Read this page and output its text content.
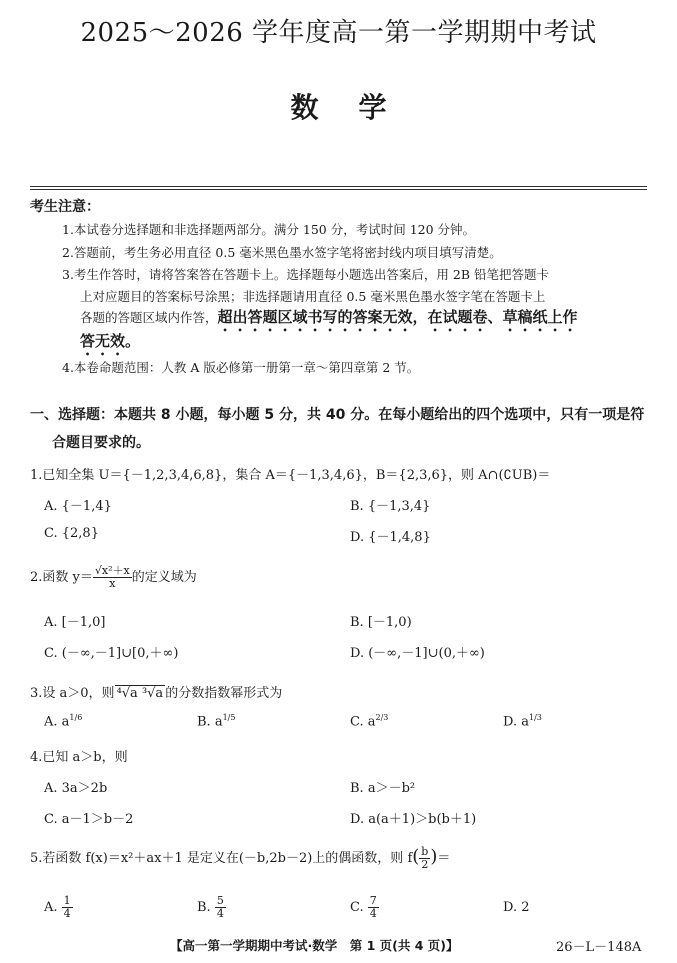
2025～2026 学年度高一第一学期期中考试
数学
考生注意：
1.本试卷分选择题和非选择题两部分。满分 150 分，考试时间 120 分钟。
2.答题前，考生务必用直径 0.5 毫米黑色墨水签字笔将密封线内项目填写清楚。
3.考生作答时，请将答案答在答题卡上。选择题每小题选出答案后，用 2B 铅笔把答题卡
上对应题目的答案标号涂黑；非选择题请用直径 0.5 毫米黑色墨水签字笔在答题卡上
各题的答题区域内作答，超出答题区域书写的答案无效，在试题卷、草稿纸上作
答无效。
4.本卷命题范围：人教 A 版必修第一册第一章～第四章第 2 节。
一、选择题：本题共 8 小题，每小题 5 分，共 40 分。在每小题给出的四个选项中，只有一项是符
合题目要求的。
1.已知全集 U＝{－1,2,3,4,6,8}，集合 A＝{－1,3,4,6}，B＝{2,3,6}，则 A∩(∁UB)＝
A. {－1,4}	B. {－1,3,4}
C. {2,8}	D. {－1,4,8}
2.函数 $y= \frac{\text{√x²＋x}}{x}$ 的定义域为
A. [－1,0]	B. [－1,0)
C. (－∞,－1]∪[0,＋∞)	D. (－∞,－1]∪(0,＋∞)
3.设 a＞0，则 ⁴√a ³√a 的分数指数幂形式为
A. $a^{1/6}$	B. $a^{1/5}$	C. $a^{2/3}$	D. $a^{1/3}$
4.已知 a＞b，则
A. 3a＞2b	B. a＞－b²
C. a－1＞b－2	D. a(a＋1)＞b(b＋1)
5.若函数 f(x)＝x²＋ax＋1 是定义在(－b,2b－2)上的偶函数，则 $f( \frac{b}{2}$ )＝
A. $\frac{1}{4}$	B. $\frac{5}{4}$	C. $\frac{7}{4}$	D. 2
【高一第一学期期中考试·数学　第 1 页(共 4 页)】	26－L－148A
